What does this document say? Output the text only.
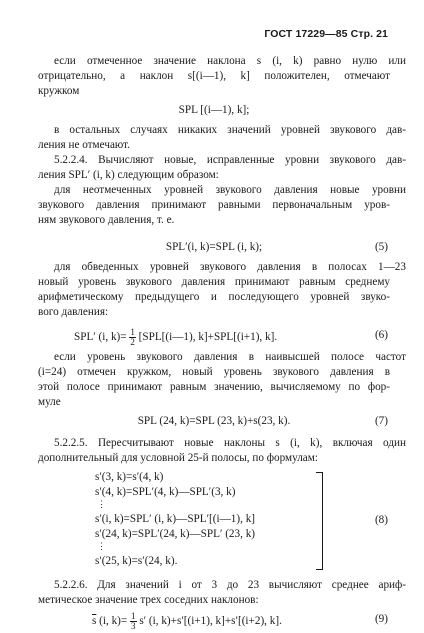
ГОСТ 17229—85 Стр. 21
если отмеченное значение наклона s (i, k) равно нулю или
отрицательно, а наклон s[(i—1), k] положителен, отмечают
кружком
SPL [(i—1), k];
в остальных случаях никаких значений уровней звукового дав-
ления не отмечают.
5.2.2.4. Вычисляют новые, исправленные уровни звукового дав-
ления SPL′ (i, k) следующим образом:
для неотмеченных уровней звукового давления новые уровни
звукового давления принимают равными первоначальным уров-
ням звукового давления, т. е.
SPL′(i, k)=SPL (i, k);	(5)
для обведенных уровней звукового давления в полосах 1—23
новый уровень звукового давления принимают равным среднему
арифметическому предыдущего и последующего уровней звуко-
вого давления:
SPL′ (i, $k)= \frac{1}{2}$ [SPL[(i—1), k]+SPL[(i+1), k].	(6)
если уровень звукового давления в наивысшей полосе частот
(i=24) отмечен кружком, новый уровень звукового давления в
этой полосе принимают равным значению, вычисляемому по фор-
муле
SPL (24, k)=SPL (23, k)+s(23, k).	(7)
5.2.2.5. Пересчитывают новые наклоны s (i, k), включая один
дополнительный для условной 25-й полосы, по формулам:
s′(3, k)=s′(4, k)
s′(4, k)=SPL′(4, k)—SPL′(3, k)
⋮
s′(i, k)=SPL′ (i, k)—SPL′[(i—1), k]
s′(24, k)=SPL′(24, k)—SPL′ (23, k)
⋮
s′(25, k)=s′(24, k).
(8)
5.2.2.6. Для значений i от 3 до 23 вычисляют среднее ариф-
метическое значение трех соседних наклонов:
$\overline{s}$ (i, $k)= \frac{1}{3} s'$ (i, k)+s′[(i+1), k]+s′[(i+2), k].	(9)
